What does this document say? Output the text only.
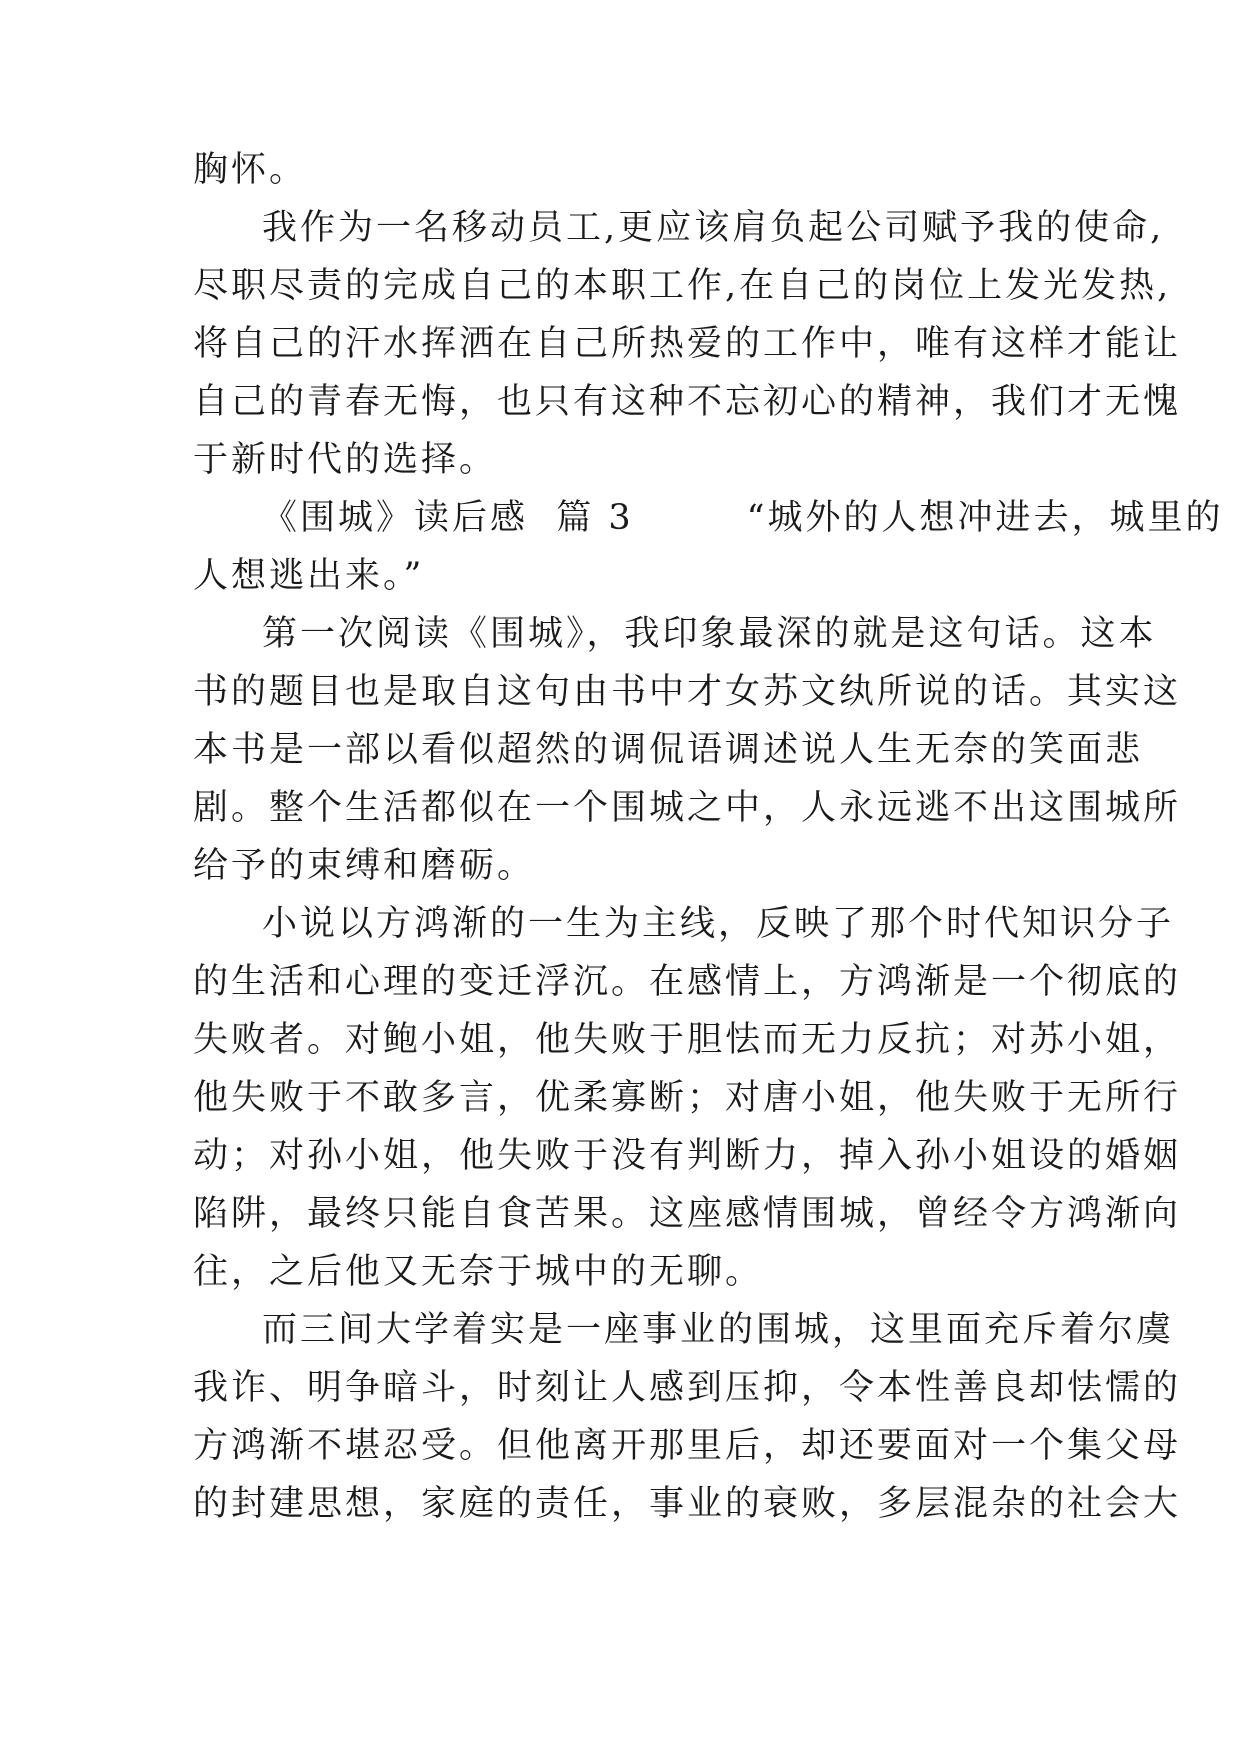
胸怀。
我作为一名移动员工,更应该肩负起公司赋予我的使命,
尽职尽责的完成自己的本职工作,在自己的岗位上发光发热,
将自己的汗水挥洒在自己所热爱的工作中，唯有这样才能让
自己的青春无悔，也只有这种不忘初心的精神，我们才无愧
于新时代的选择。
《围城》读后感  篇 3        “城外的人想冲进去，城里的
人想逃出来。”
第一次阅读《围城》，我印象最深的就是这句话。这本
书的题目也是取自这句由书中才女苏文纨所说的话。其实这
本书是一部以看似超然的调侃语调述说人生无奈的笑面悲
剧。整个生活都似在一个围城之中，人永远逃不出这围城所
给予的束缚和磨砺。
小说以方鸿渐的一生为主线，反映了那个时代知识分子
的生活和心理的变迁浮沉。在感情上，方鸿渐是一个彻底的
失败者。对鲍小姐，他失败于胆怯而无力反抗；对苏小姐，
他失败于不敢多言，优柔寡断；对唐小姐，他失败于无所行
动；对孙小姐，他失败于没有判断力，掉入孙小姐设的婚姻
陷阱，最终只能自食苦果。这座感情围城，曾经令方鸿渐向
往，之后他又无奈于城中的无聊。
而三间大学着实是一座事业的围城，这里面充斥着尔虞
我诈、明争暗斗，时刻让人感到压抑，令本性善良却怯懦的
方鸿渐不堪忍受。但他离开那里后，却还要面对一个集父母
的封建思想，家庭的责任，事业的衰败，多层混杂的社会大
